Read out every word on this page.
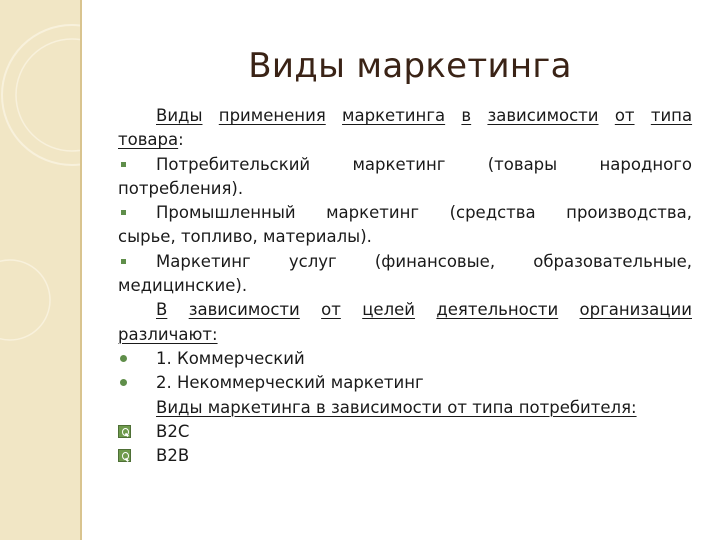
Виды маркетинга

Виды применения маркетинга в зависимости от типа

товара:

Потребительский	маркетинг	(товары	народного

потребления).

Промышленный маркетинг (средства производства,

сырье, топливо, материалы).

Маркетинг услуг (финансовые, образовательные,

медицинские).

В зависимости от целей деятельности организации

различают:

1. Коммерческий
2. Некоммерческий маркетинг

Виды маркетинга в зависимости от типа потребителя:

B2C
B2B
